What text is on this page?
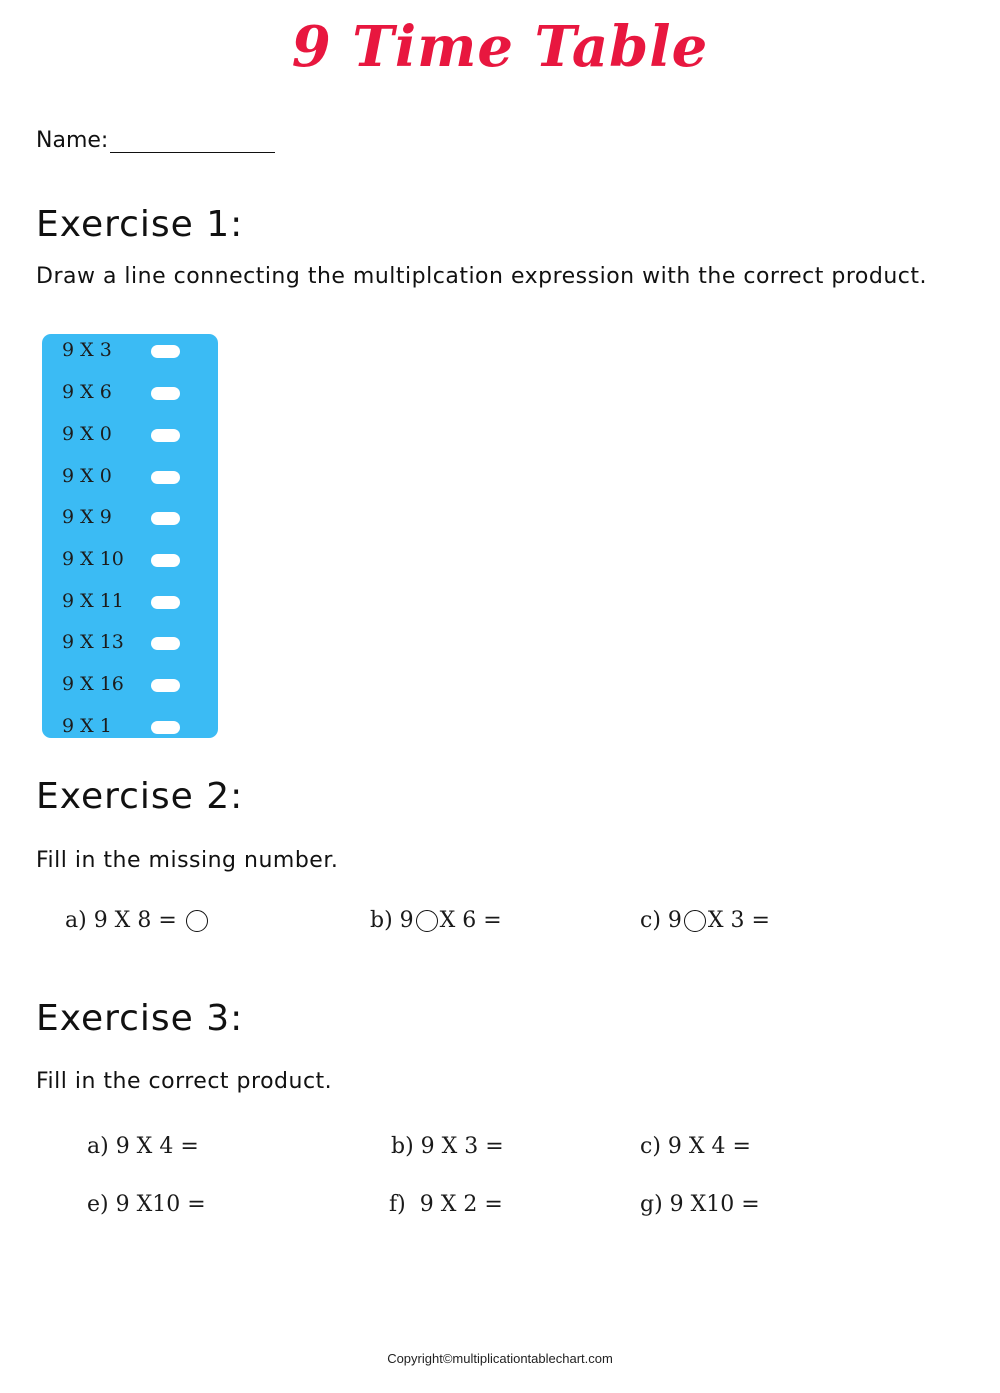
9 Time Table
Name:
Exercise 1:
Draw a line connecting the multiplcation expression with the correct product.
9 X 3
9 X 6
9 X 0
9 X 0
9 X 9
9 X 10
9 X 11
9 X 13
9 X 16
9 X 1
Exercise 2:
Fill in the missing number.
a) 9 X 8 =	b) 9 X 6 =	c) 9 X 3 =
Exercise 3:
Fill in the correct product.
a) 9 X 4 =	b) 9 X 3 =	c) 9 X 4 =
e) 9 X10 =	f)  9 X 2 =	g) 9 X10 =
Copyright©multiplicationtablechart.com
